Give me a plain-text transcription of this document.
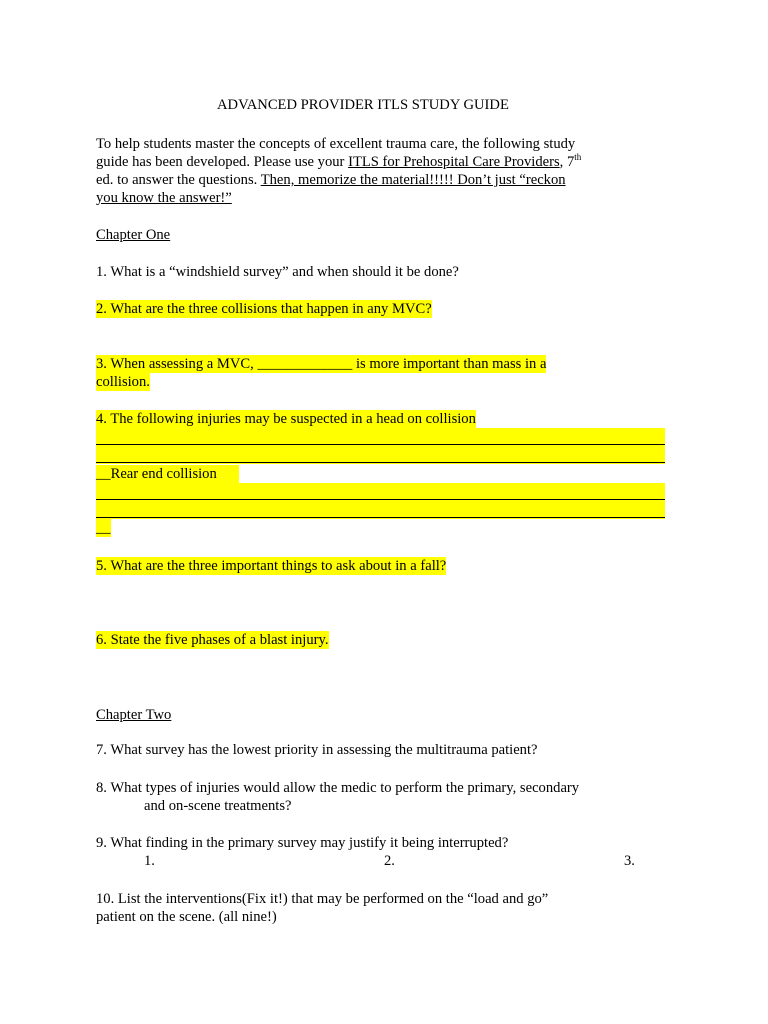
ADVANCED PROVIDER ITLS STUDY GUIDE
To help students master the concepts of excellent trauma care, the following study
guide has been developed. Please use your ITLS for Prehospital Care Providers, 7th
ed. to answer the questions. Then, memorize the material!!!!! Don’t just “reckon
you know the answer!”
Chapter One
1. What is a “windshield survey” and when should it be done?
2. What are the three collisions that happen in any MVC?
3. When assessing a MVC, _____________ is more important than mass in a
collision.
4. The following injuries may be suspected in a head on collision
__Rear end collision
__
5. What are the three important things to ask about in a fall?
6. State the five phases of a blast injury.
Chapter Two
7. What survey has the lowest priority in assessing the multitrauma patient?
8. What types of injuries would allow the medic to perform the primary, secondary
and on-scene treatments?
9. What finding in the primary survey may justify it being interrupted?
1.	2.	3.
10. List the interventions(Fix it!) that may be performed on the “load and go”
patient on the scene. (all nine!)
